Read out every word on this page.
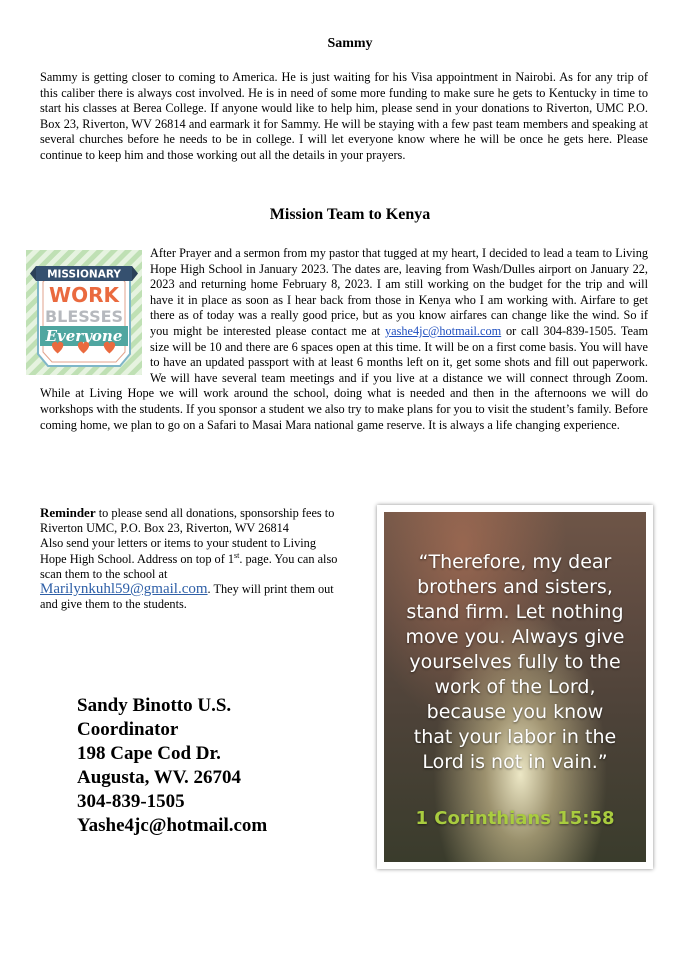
Sammy

Sammy is getting closer to coming to America. He is just waiting for his Visa appointment in Nairobi. As for any trip of this caliber there is always cost involved. He is in need of some more funding to make sure he gets to Kentucky in time to start his classes at Berea College. If anyone would like to help him, please send in your donations to Riverton, UMC P.O. Box 23, Riverton, WV 26814 and earmark it for Sammy. He will be staying with a few past team members and speaking at several churches before he needs to be in college. I will let everyone know where he will be once he gets here. Please continue to keep him and those working out all the details in your prayers.

Mission Team to Kenya
MISSIONARY
WORK
BLESSES
Everyone

After Prayer and a sermon from my pastor that tugged at my heart, I decided to lead a team to Living Hope High School in January 2023. The dates are, leaving from Wash/Dulles airport on January 22, 2023 and returning home February 8, 2023. I am still working on the budget for the trip and will have it in place as soon as I hear back from those in Kenya who I am working with. Airfare to get there as of today was a really good price, but as you know airfares can change like the wind. So if you might be interested please contact me at yashe4jc@hotmail.com or call 304-839-1505. Team size will be 10 and there are 6 spaces open at this time. It will be on a first come basis. You will have to have an updated passport with at least 6 months left on it, get some shots and fill out paperwork. We will have several team meetings and if you live at a distance we will connect through Zoom. While at Living Hope we will work around the school, doing what is needed and then in the afternoons we will do workshops with the students. If you sponsor a student we also try to make plans for you to visit the student’s family. Before coming home, we plan to go on a Safari to Masai Mara national game reserve. It is always a life changing experience.

Reminder to please send all donations, sponsorship fees to Riverton UMC, P.O. Box 23, Riverton, WV 26814
Also send your letters or items to your student to Living Hope High School. Address on top of 1st. page. You can also scan them to the school at
Marilynkuhl59@gmail.com. They will print them out and give them to the students.

Sandy Binotto U.S.
Coordinator
198 Cape Cod Dr.
Augusta, WV. 26704
304-839-1505
Yashe4jc@hotmail.com
“Therefore, my dear
brothers and sisters,
stand firm. Let nothing
move you. Always give
yourselves fully to the
work of the Lord,
because you know
that your labor in the
Lord is not in vain.”
1 Corinthians 15:58
